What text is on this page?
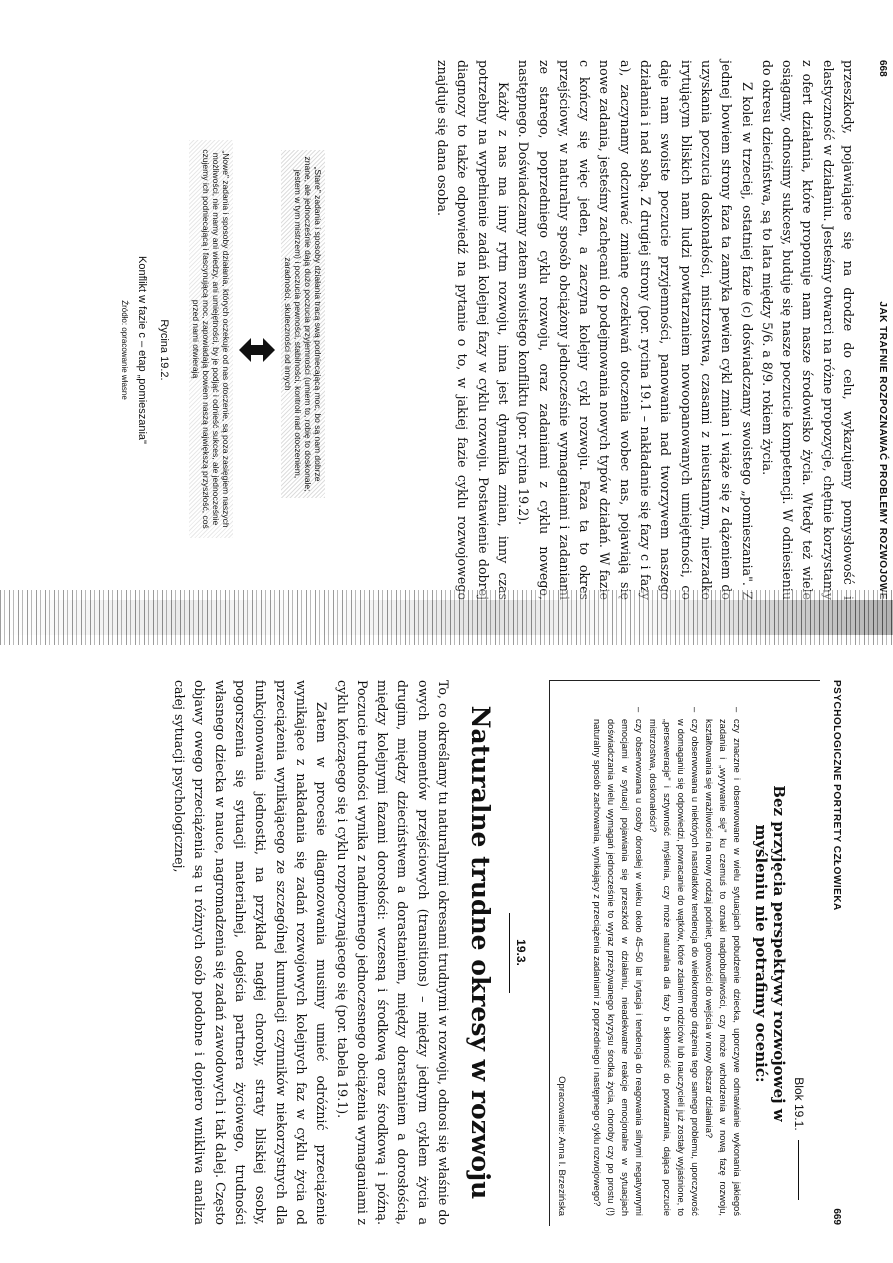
668
JAK TRAFNIE ROZPOZNAWAĆ PROBLEMY ROZWOJOWE

przeszkody, pojawiające się na drodze do celu, wykazujemy pomysłowość i elastyczność w działaniu. Jesteśmy otwarci na różne propozycje, chętnie korzystamy z ofert działania, które proponuje nam nasze środowisko życia. Wtedy też wiele osiągamy, odnosimy sukcesy, buduje się nasze poczucie kompetencji. W odniesieniu do okresu dzieciństwa, są to lata między 5/6. a 8/9. rokiem życia.

Z kolei w trzeciej, ostatniej fazie (c) doświadczamy swoistego „pomieszania". Z jednej bowiem strony faza ta zamyka pewien cykl zmian i wiąże się z dążeniem do uzyskania poczucia doskonałości, mistrzostwa, czasami z nieustannym, nierzadko irytującym bliskich nam ludzi powtarzaniem nowoopanowanych umiejętności, co daje nam swoiste poczucie przyjemności, panowania nad tworzywem naszego działania i nad sobą. Z drugiej strony (por. rycina 19.1 – nakładanie się fazy c i fazy a), zaczynamy odczuwać zmianę oczekiwań otoczenia wobec nas, pojawiają się nowe zadania, jesteśmy zachęcani do podejmowania nowych typów działań. W fazie c kończy się więc jeden, a zaczyna kolejny cykl rozwoju. Faza ta to okres przejściowy, w naturalny sposób obciążony jednocześnie wymaganiami i zadaniami ze starego, poprzedniego cyklu rozwoju, oraz zadaniami z cyklu nowego, następnego. Doświadczamy zatem swoistego konfliktu (por. rycina 19.2).

Każdy z nas ma inny rytm rozwoju, inna jest dynamika zmian, inny czas potrzebny na wypełnienie zadań kolejnej fazy w cyklu rozwoju. Postawienie dobrej diagnozy to także odpowiedź na pytanie o to, w jakiej fazie cyklu rozwojowego znajduje się dana osoba.

„Stare" zadania i sposoby działania tracą swą podniecającą moc, bo są nam dobrze znane, ale jednocześnie dają dużo poczucia przyjemności (umiem to, robię to doskonale; jestem w tym mistrzem) i poczucia pewności, stabilności, kontroli nad otoczeniem, zaradności, skuteczności od innych
„Nowe" zadania i sposoby działania, których oczekuje od nas otoczenie, są poza zasięgiem naszych możliwości, nie mamy ani wiedzy, ani umiejętności, by je podjąć i odnieść sukces, ale jednocześnie czujemy ich podniecającą i fascynującą moc, zapowiadają bowiem naszą największą przyszłość, coś przed nami otwierają
Rycina 19.2.
Konflikt w fazie c – etap „pomieszania"
Źródło: opracowanie własne
PSYCHOLOGICZNE PORTRETY CZŁOWIEKA
669
Blok 19.1.
Bez przyjęcia perspektywy rozwojowej w myśleniu nie potrafimy ocenić:
– czy znaczne i obserwowane w wielu sytuacjach pobudzenie dziecka, uporczywe odmawianie wykonania jakiegoś zadania i „wyrywanie się" ku czemuś to oznaki nadpobudliwości, czy może wchodzenia w nową fazę rozwoju, kształtowania się wrażliwości na nowy rodzaj podniet, gotowości do wejścia w nowy obszar działania?
– czy obserwowana u niektórych nastolatków tendencja do wielokrotnego drążenia tego samego problemu, uporczywość w domaganiu się odpowiedzi, powracanie do wątków, które zdaniem rodziców lub nauczycieli już zostały wyjaśnione, to „perseweracje" i sztywność myślenia, czy może naturalna dla fazy b skłonność do powtarzania, dająca poczucie mistrzostwa, doskonałości?
– czy obserwowana u osoby dorosłej w wieku około 45–50 lat irytacja i tendencja do reagowania silnymi negatywnymi emocjami w sytuacji pojawiania się przeszkód w działaniu, nieadekwatne reakcje emocjonalne w sytuacjach doświadczania wielu wymagań jednocześnie to wyraz przeżywanego kryzysu środka życia, choroby czy po prostu (!) naturalny sposób zachowania, wynikający z przeciążenia zadaniami z poprzedniego i następnego cyklu rozwojowego?
Opracowanie: Anna I. Brzezińska
19.3.
Naturalne trudne okresy w rozwoju

To, co określamy tu naturalnymi okresami trudnymi w rozwoju, odnosi się właśnie do owych momentów przejściowych (transitions) – między jednym cyklem życia a drugim, między dzieciństwem a dorastaniem, między dorastaniem a dorosłością, między kolejnymi fazami dorosłości: wczesną i środkową oraz środkową i późną. Poczucie trudności wynika z nadmiernego jednoczesnego obciążenia wymaganiami z cyklu kończącego się i cyklu rozpoczynającego się (por. tabela 19.1).

Zatem w procesie diagnozowania musimy umieć odróżnić przeciążenie wynikające z nakładania się zadań rozwojowych kolejnych faz w cyklu życia od przeciążenia wynikającego ze szczególnej kumulacji czynników niekorzystnych dla funkcjonowania jednostki, na przykład nagłej choroby, straty bliskiej osoby, pogorszenia się sytuacji materialnej, odejścia partnera życiowego, trudności własnego dziecka w nauce, nagromadzenia się zadań zawodowych i tak dalej. Często objawy owego przeciążenia są u różnych osób podobne i dopiero wnikliwa analiza całej sytuacji psychologicznej,
